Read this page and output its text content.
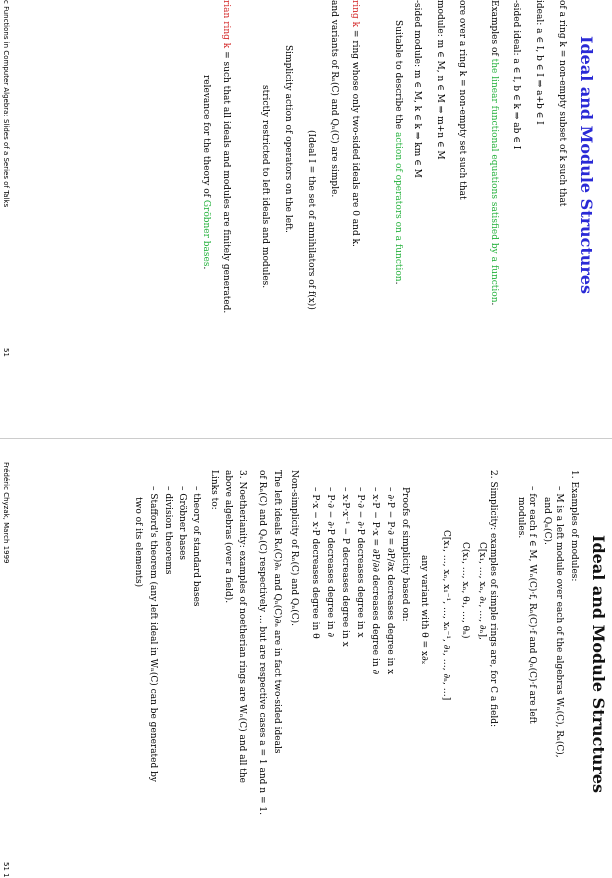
Ideal and Module Structures
of a ring k = non-empty subset of k such that
ideal: a ∈ I, b ∈ I ⇒ a+b ∈ I
-sided ideal: a ∈ I, b ∈ k ⇒ ab ∈ I
Examples of the linear functional equations satisfied by a function.
ore over a ring k = non-empty set such that
module: m ∈ M, n ∈ M ⇒ m+n ∈ M
-sided module: m ∈ M, k ∈ k ⇒ km ∈ M
Suitable to describe the action of operators on a function.
ring k = ring whose only two-sided ideals are 0 and k.
and variants of Rₙ(C) and Qₙ(C) are simple.
(Ideal I = the set of annihilators of f(x))
Simplicity action of operators on the left.
strictly restricted to left ideals and modules.
rian ring k = such that all ideals and modules are finitely generated.
relevance for the theory of Gröbner bases.
c Functions in Computer Algebra: Slides of a Series of Talks
51
Ideal and Module Structures
1. Examples of modules:
– M is a left module over each of the algebras Wₙ(C), Rₙ(C),
and Qₙ(C).
– for each f ∈ M, Wₙ(C)·f, Rₙ(C)·f and Qₙ(C)·f are left
modules.
2. Simplicity: examples of simple rings are, for C a field:
C[x₁, …, xₙ, ∂₁, …, ∂ₙ],
C(x₁, …, xₙ, θ₁, …, θₙ)
C[x₁, …, xₙ, x₁⁻¹, …, xₙ⁻¹, ∂₁, …, ∂ₙ, …]
any variant with θ = x∂ₓ
Proofs of simplicity based on:
– ∂·P − P·∂ = ∂P/∂x decreases degree in x
– x·P − P·x = ∂P/∂∂ decreases degree in ∂
– P·∂ − ∂·P decreases degree in x
– x·P·x⁻¹ − P decreases degree in x
– P·∂ − ∂·P decreases degree in ∂
– P·x − x·P decreases degree in θ
Non-simplicity of Rₙ(C) and Qₙ(C).
The left ideals Rₙ(C)∂ₙ and Qₙ(C)∂ₙ are in fact two-sided ideals
of Rₙ(C) and Qₙ(C) respectively ... but are respective cases a = 1 and n = 1.
3. Noetherianity: examples of noetherian rings are Wₙ(C) and all the
above algebras (over a field).
Links to:
– theory of standard bases
– Gröbner bases
– division theorems
– Stafford's theorem (any left ideal in Wₙ(C) can be generated by
two of its elements)
Frédéric Chyzak, March 1999
51 1
